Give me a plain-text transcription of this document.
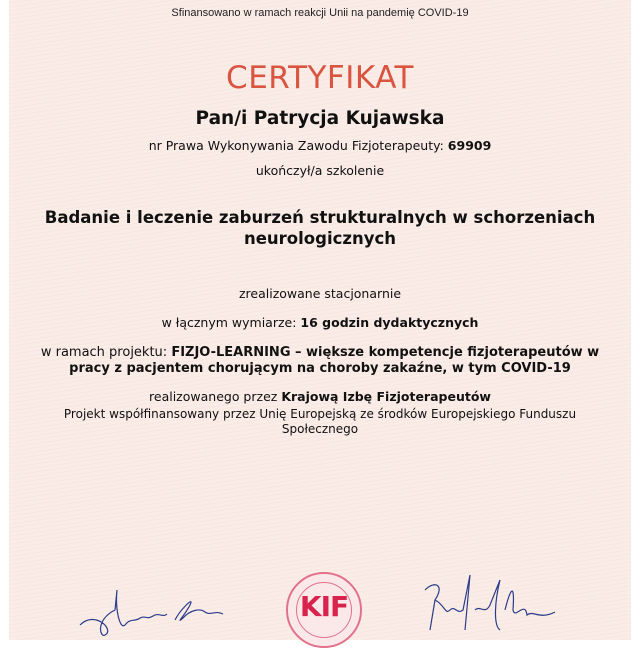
Sfinansowano w ramach reakcji Unii na pandemię COVID-19
CERTYFIKAT
Pan/i Patrycja Kujawska
nr Prawa Wykonywania Zawodu Fizjoterapeuty: 69909
ukończył/a szkolenie
Badanie i leczenie zaburzeń strukturalnych w schorzeniach neurologicznych
zrealizowane stacjonarnie
w łącznym wymiarze: 16 godzin dydaktycznych
w ramach projektu: FIZJO-LEARNING – większe kompetencje fizjoterapeutów w pracy z pacjentem chorującym na choroby zakaźne, w tym COVID-19
realizowanego przez Krajową Izbę Fizjoterapeutów
Projekt współfinansowany przez Unię Europejską ze środków Europejskiego Funduszu Społecznego
KIF
